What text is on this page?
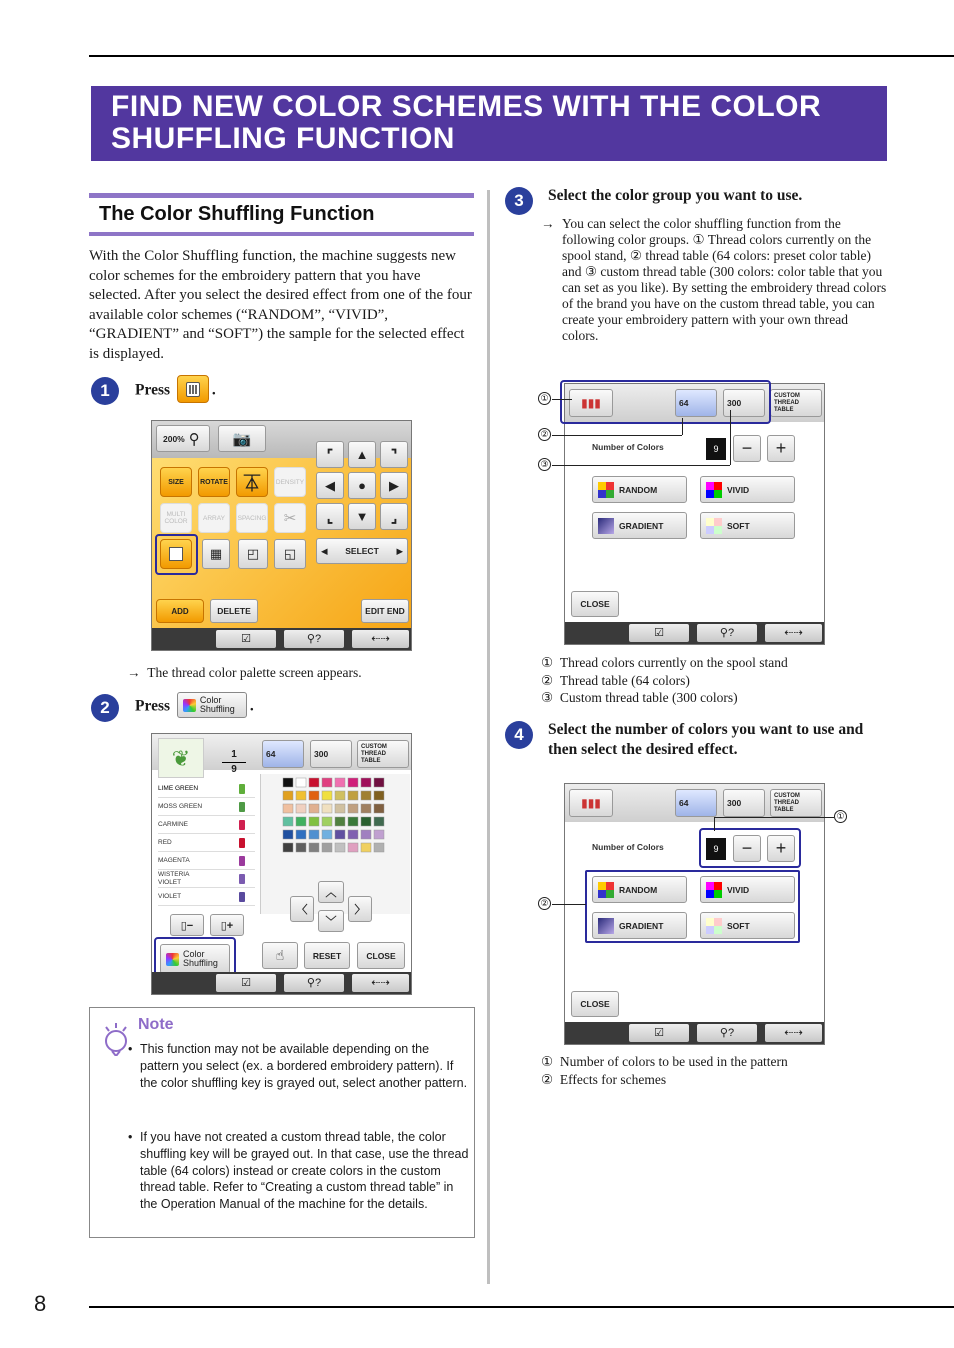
FIND NEW COLOR SCHEMES WITH THE COLOR
SHUFFLING FUNCTION
The Color Shuffling Function
With the Color Shuffling function, the machine suggests new color schemes for the embroidery pattern that you have selected. After you select the desired effect from one of the four available color schemes (“RANDOM”, “VIVID”, “GRADIENT” and “SOFT”) the sample for the selected effect is displayed.
1	Press	.
200% ⚲ 📷
SIZE	ROTATE ⏄ DENSITY
MULTI COLOR	ARRAY	SPACING ✂
▦ ◰ ◱
⌜ ▲ ⌝
◀ ● ▶
⌞ ▼ ⌟
◀ SELECT ▶
ADD	DELETE	EDIT END
☑	⚲?	⇠⇢
→ The thread color palette screen appears.
2	Press	Color Shuffling .
❦	1
9
64	300
CUSTOM THREAD TABLE
LIME GREEN
MOSS GREEN
CARMINE
RED
MAGENTA
WISTERIA VIOLET
VIOLET
▯−	▯+
Color Shuffling
︿
〈	〉
﹀
☝	RESET	CLOSE
☑	⚲?	⇠⇢
Note
• This function may not be available depending on the pattern you select (ex. a bordered embroidery pattern). If the color shuffling key is grayed out, select another pattern.
• If you have not created a custom thread table, the color shuffling key will be grayed out. In that case, use the thread table (64 colors) instead or create colors in the custom thread table. Refer to “Creating a custom thread table” in the Operation Manual of the machine for the details.
3	Select the color group you want to use.
→ You can select the color shuffling function from the following color groups. ① Thread colors currently on the spool stand, ② thread table (64 colors: preset color table) and ③ custom thread table (300 colors: color table that you can set as you like). By setting the embroidery thread colors of the brand you have on the custom thread table, you can create your embroidery pattern with your own thread colors.
▮▮▮	64	300
CUSTOM THREAD TABLE
Number of Colors	9	−	+
RANDOM	VIVID
GRADIENT	SOFT
CLOSE
☑	⚲?	⇠⇢
①
②
③
① Thread colors currently on the spool stand
② Thread table (64 colors)
③ Custom thread table (300 colors)
4	Select the number of colors you want to use and then select the desired effect.
▮▮▮	64	300
CUSTOM THREAD TABLE
Number of Colors	9	−	+
RANDOM	VIVID
GRADIENT	SOFT
CLOSE
☑	⚲?	⇠⇢
①
②
① Number of colors to be used in the pattern
② Effects for schemes
8
